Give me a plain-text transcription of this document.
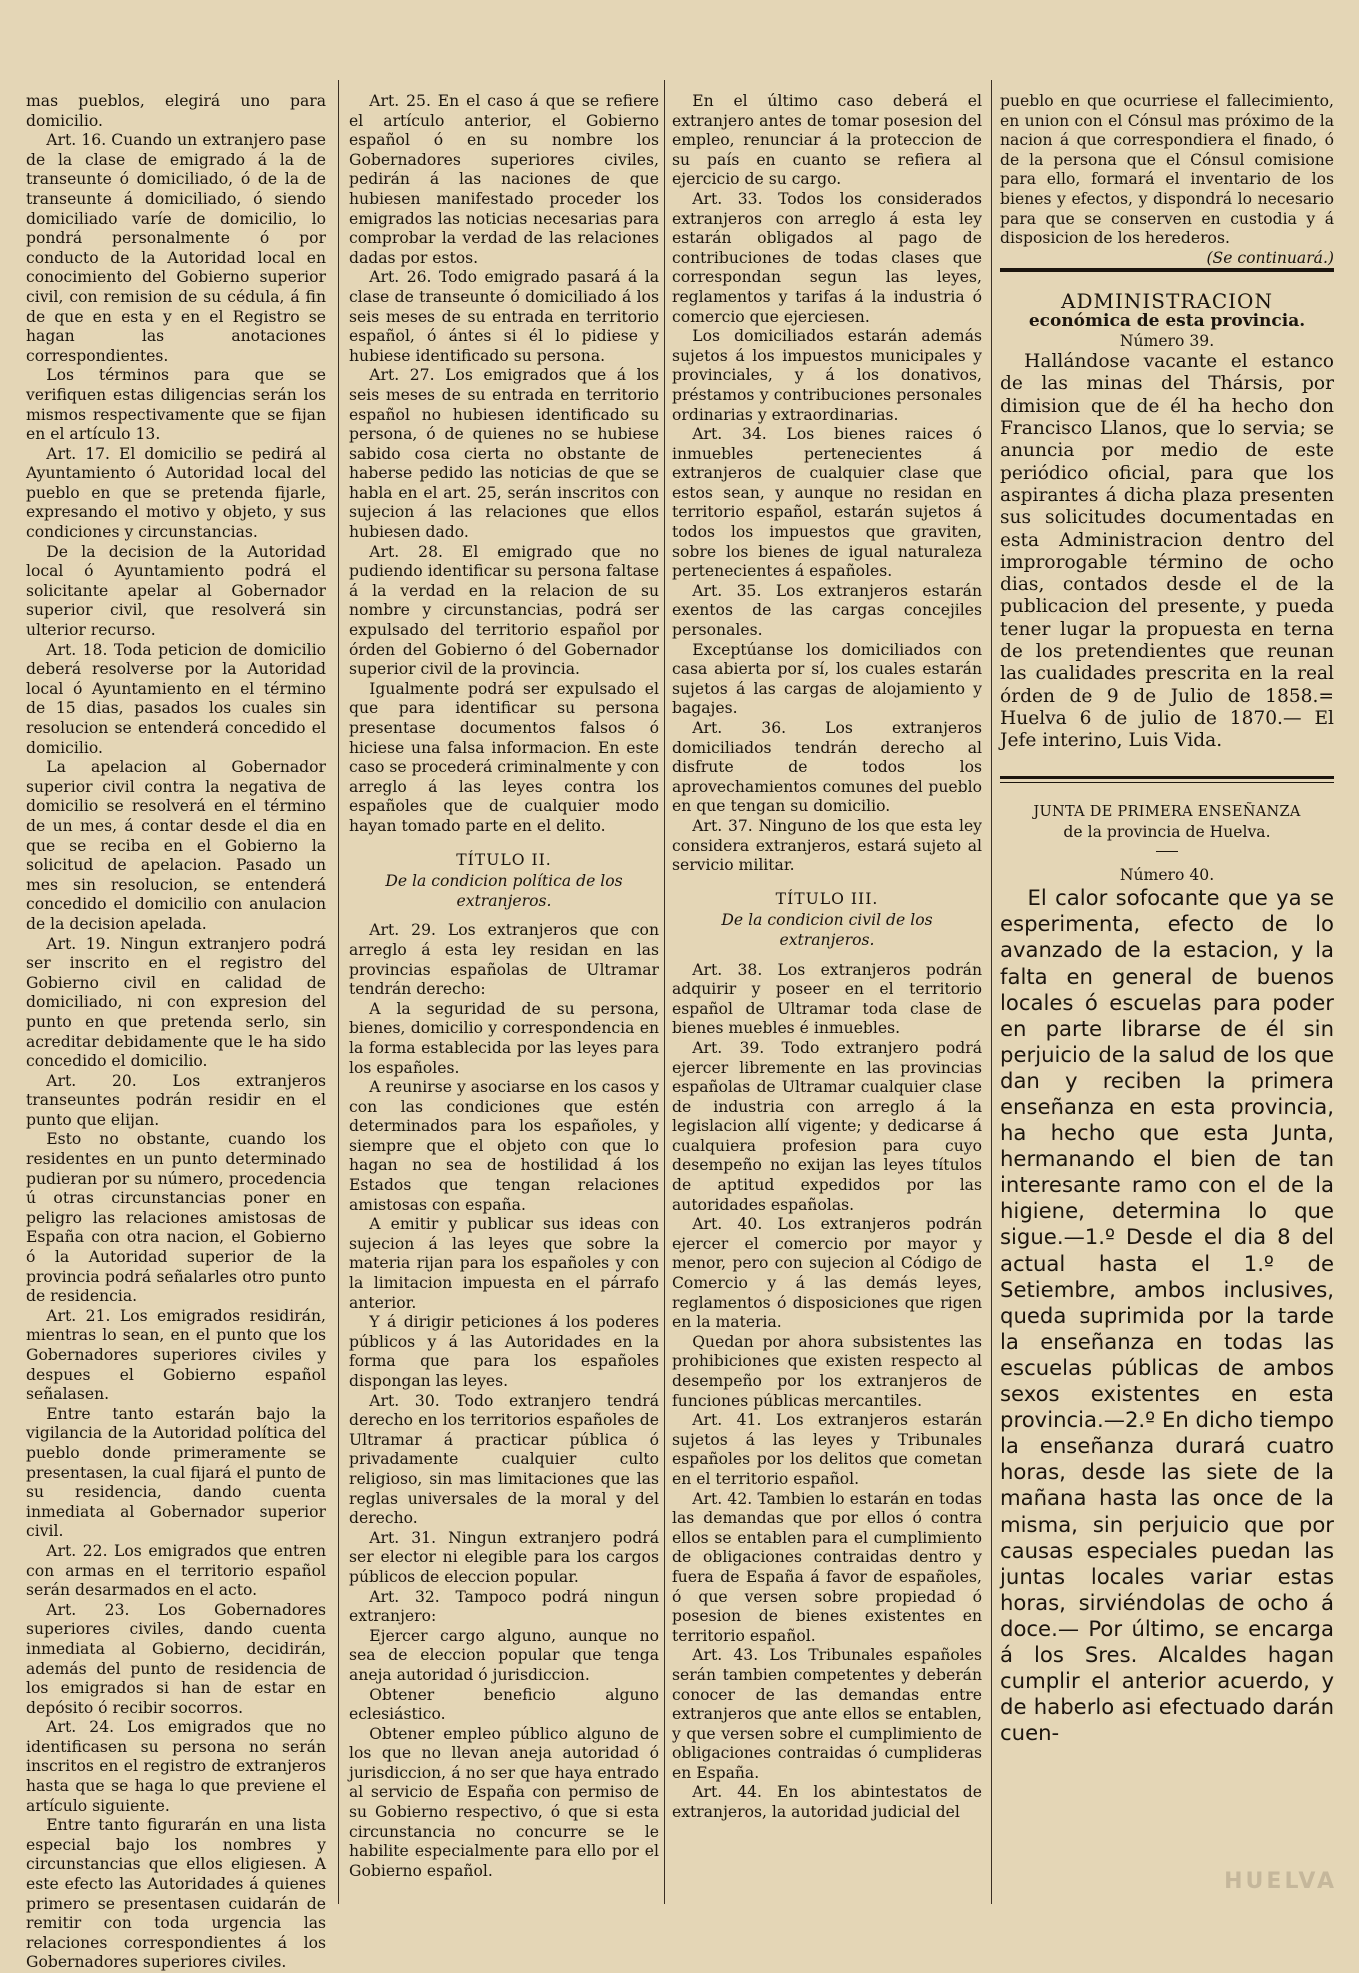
mas pueblos, elegirá uno para domicilio.

Art. 16. Cuando un extranjero pase de la clase de emigrado á la de transeunte ó domiciliado, ó de la de transeunte á domiciliado, ó siendo domiciliado varíe de domicilio, lo pondrá personalmente ó por conducto de la Autoridad local en conocimiento del Gobierno superior civil, con remision de su cédula, á fin de que en esta y en el Registro se hagan las anotaciones correspondientes.

Los términos para que se verifiquen estas diligencias serán los mismos respectivamente que se fijan en el artículo 13.

Art. 17. El domicilio se pedirá al Ayuntamiento ó Autoridad local del pueblo en que se pretenda fijarle, expresando el motivo y objeto, y sus condiciones y circunstancias.

De la decision de la Autoridad local ó Ayuntamiento podrá el solicitante apelar al Gobernador superior civil, que resolverá sin ulterior recurso.

Art. 18. Toda peticion de domicilio deberá resolverse por la Autoridad local ó Ayuntamiento en el término de 15 dias, pasados los cuales sin resolucion se entenderá concedido el domicilio.

La apelacion al Gobernador superior civil contra la negativa de domicilio se resolverá en el término de un mes, á contar desde el dia en que se reciba en el Gobierno la solicitud de apelacion. Pasado un mes sin resolucion, se entenderá concedido el domicilio con anulacion de la decision apelada.

Art. 19. Ningun extranjero podrá ser inscrito en el registro del Gobierno civil en calidad de domiciliado, ni con expresion del punto en que pretenda serlo, sin acreditar debidamente que le ha sido concedido el domicilio.

Art. 20. Los extranjeros transeuntes podrán residir en el punto que elijan.

Esto no obstante, cuando los residentes en un punto determinado pudieran por su número, procedencia ú otras circunstancias poner en peligro las relaciones amistosas de España con otra nacion, el Gobierno ó la Autoridad superior de la provincia podrá señalarles otro punto de residencia.

Art. 21. Los emigrados residirán, mientras lo sean, en el punto que los Gobernadores superiores civiles y despues el Gobierno español señalasen.

Entre tanto estarán bajo la vigilancia de la Autoridad política del pueblo donde primeramente se presentasen, la cual fijará el punto de su residencia, dando cuenta inmediata al Gobernador superior civil.

Art. 22. Los emigrados que entren con armas en el territorio español serán desarmados en el acto.

Art. 23. Los Gobernadores superiores civiles, dando cuenta inmediata al Gobierno, decidirán, además del punto de residencia de los emigrados si han de estar en depósito ó recibir socorros.

Art. 24. Los emigrados que no identificasen su persona no serán inscritos en el registro de extranjeros hasta que se haga lo que previene el artículo siguiente.

Entre tanto figurarán en una lista especial bajo los nombres y circunstancias que ellos eligiesen. A este efecto las Autoridades á quienes primero se presentasen cuidarán de remitir con toda urgencia las relaciones correspondientes á los Gobernadores superiores civiles.

Art. 25. En el caso á que se refiere el artículo anterior, el Gobierno español ó en su nombre los Gobernadores superiores civiles, pedirán á las naciones de que hubiesen manifestado proceder los emigrados las noticias necesarias para comprobar la verdad de las relaciones dadas por estos.

Art. 26. Todo emigrado pasará á la clase de transeunte ó domiciliado á los seis meses de su entrada en territorio español, ó ántes si él lo pidiese y hubiese identificado su persona.

Art. 27. Los emigrados que á los seis meses de su entrada en territorio español no hubiesen identificado su persona, ó de quienes no se hubiese sabido cosa cierta no obstante de haberse pedido las noticias de que se habla en el art. 25, serán inscritos con sujecion á las relaciones que ellos hubiesen dado.

Art. 28. El emigrado que no pudiendo identificar su persona faltase á la verdad en la relacion de su nombre y circunstancias, podrá ser expulsado del territorio español por órden del Gobierno ó del Gobernador superior civil de la provincia.

Igualmente podrá ser expulsado el que para identificar su persona presentase documentos falsos ó hiciese una falsa informacion. En este caso se procederá criminalmente y con arreglo á las leyes contra los españoles que de cualquier modo hayan tomado parte en el delito.

TÍTULO II.

De la condicion política de los extranjeros.

Art. 29. Los extranjeros que con arreglo á esta ley residan en las provincias españolas de Ultramar tendrán derecho:

A la seguridad de su persona, bienes, domicilio y correspondencia en la forma establecida por las leyes para los españoles.

A reunirse y asociarse en los casos y con las condiciones que estén determinados para los españoles, y siempre que el objeto con que lo hagan no sea de hostilidad á los Estados que tengan relaciones amistosas con españa.

A emitir y publicar sus ideas con sujecion á las leyes que sobre la materia rijan para los españoles y con la limitacion impuesta en el párrafo anterior.

Y á dirigir peticiones á los poderes públicos y á las Autoridades en la forma que para los españoles dispongan las leyes.

Art. 30. Todo extranjero tendrá derecho en los territorios españoles de Ultramar á practicar pública ó privadamente cualquier culto religioso, sin mas limitaciones que las reglas universales de la moral y del derecho.

Art. 31. Ningun extranjero podrá ser elector ni elegible para los cargos públicos de eleccion popular.

Art. 32. Tampoco podrá ningun extranjero:

Ejercer cargo alguno, aunque no sea de eleccion popular que tenga aneja autoridad ó jurisdiccion.

Obtener beneficio alguno eclesiástico.

Obtener empleo público alguno de los que no llevan aneja autoridad ó jurisdiccion, á no ser que haya entrado al servicio de España con permiso de su Gobierno respectivo, ó que si esta circunstancia no concurre se le habilite especialmente para ello por el Gobierno español.

En el último caso deberá el extranjero antes de tomar posesion del empleo, renunciar á la proteccion de su país en cuanto se refiera al ejercicio de su cargo.

Art. 33. Todos los considerados extranjeros con arreglo á esta ley estarán obligados al pago de contribuciones de todas clases que correspondan segun las leyes, reglamentos y tarifas á la industria ó comercio que ejerciesen.

Los domiciliados estarán además sujetos á los impuestos municipales y provinciales, y á los donativos, préstamos y contribuciones personales ordinarias y extraordinarias.

Art. 34. Los bienes raices ó inmuebles pertenecientes á extranjeros de cualquier clase que estos sean, y aunque no residan en territorio español, estarán sujetos á todos los impuestos que graviten, sobre los bienes de igual naturaleza pertenecientes á españoles.

Art. 35. Los extranjeros estarán exentos de las cargas concejiles personales.

Exceptúanse los domiciliados con casa abierta por sí, los cuales estarán sujetos á las cargas de alojamiento y bagajes.

Art. 36. Los extranjeros domiciliados tendrán derecho al disfrute de todos los aprovechamientos comunes del pueblo en que tengan su domicilio.

Art. 37. Ninguno de los que esta ley considera extranjeros, estará sujeto al servicio militar.

TÍTULO III.

De la condicion civil de los extranjeros.

Art. 38. Los extranjeros podrán adquirir y poseer en el territorio español de Ultramar toda clase de bienes muebles é inmuebles.

Art. 39. Todo extranjero podrá ejercer libremente en las provincias españolas de Ultramar cualquier clase de industria con arreglo á la legislacion allí vigente; y dedicarse á cualquiera profesion para cuyo desempeño no exijan las leyes títulos de aptitud expedidos por las autoridades españolas.

Art. 40. Los extranjeros podrán ejercer el comercio por mayor y menor, pero con sujecion al Código de Comercio y á las demás leyes, reglamentos ó disposiciones que rigen en la materia.

Quedan por ahora subsistentes las prohibiciones que existen respecto al desempeño por los extranjeros de funciones públicas mercantiles.

Art. 41. Los extranjeros estarán sujetos á las leyes y Tribunales españoles por los delitos que cometan en el territorio español.

Art. 42. Tambien lo estarán en todas las demandas que por ellos ó contra ellos se entablen para el cumplimiento de obligaciones contraidas dentro y fuera de España á favor de españoles, ó que versen sobre propiedad ó posesion de bienes existentes en territorio español.

Art. 43. Los Tribunales españoles serán tambien competentes y deberán conocer de las demandas entre extranjeros que ante ellos se entablen, y que versen sobre el cumplimiento de obligaciones contraidas ó cumplideras en España.

Art. 44. En los abintestatos de extranjeros, la autoridad judicial del

pueblo en que ocurriese el fallecimiento, en union con el Cónsul mas próximo de la nacion á que correspondiera el finado, ó de la persona que el Cónsul comisione para ello, formará el inventario de los bienes y efectos, y dispondrá lo necesario para que se conserven en custodia y á disposicion de los herederos.

(Se continuará.)

ADMINISTRACION

económica de esta provincia.

Número 39.

Hallándose vacante el estanco de las minas del Thársis, por dimision que de él ha hecho don Francisco Llanos, que lo servia; se anuncia por medio de este periódico oficial, para que los aspirantes á dicha plaza presenten sus solicitudes documentadas en esta Administracion dentro del improrogable término de ocho dias, contados desde el de la publicacion del presente, y pueda tener lugar la propuesta en terna de los pretendientes que reunan las cualidades prescrita en la real órden de 9 de Julio de 1858.= Huelva 6 de julio de 1870.— El Jefe interino, Luis Vida.

JUNTA DE PRIMERA ENSEÑANZA

de la provincia de Huelva.

Número 40.

El calor sofocante que ya se esperimenta, efecto de lo avanzado de la estacion, y la falta en general de buenos locales ó escuelas para poder en parte librarse de él sin perjuicio de la salud de los que dan y reciben la primera enseñanza en esta provincia, ha hecho que esta Junta, hermanando el bien de tan interesante ramo con el de la higiene, determina lo que sigue.—1.º Desde el dia 8 del actual hasta el 1.º de Setiembre, ambos inclusives, queda suprimida por la tarde la enseñanza en todas las escuelas públicas de ambos sexos existentes en esta provincia.—2.º En dicho tiempo la enseñanza durará cuatro horas, desde las siete de la mañana hasta las once de la misma, sin perjuicio que por causas especiales puedan las juntas locales variar estas horas, sirviéndolas de ocho á doce.— Por último, se encarga á los Sres. Alcaldes hagan cumplir el anterior acuerdo, y de haberlo asi efectuado darán cuen-

HUELVA
